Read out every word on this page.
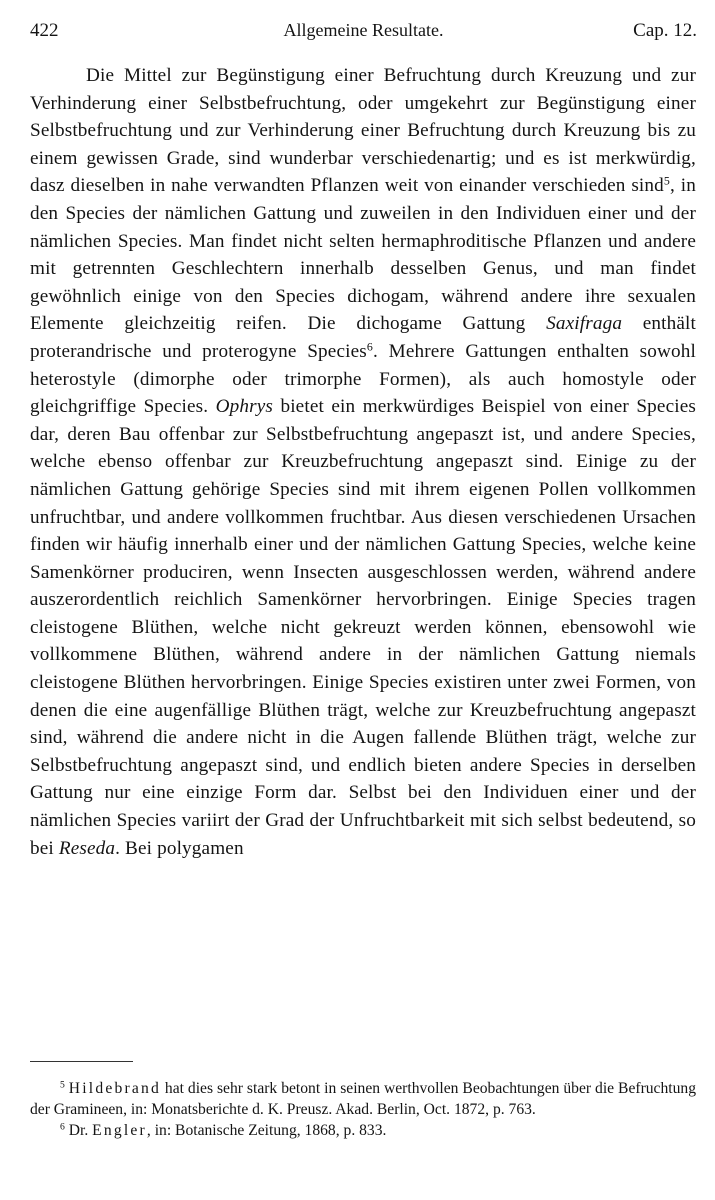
422	Allgemeine Resultate.	Cap. 12.

Die Mittel zur Begünstigung einer Befruchtung durch Kreuzung und zur Verhinderung einer Selbstbefruchtung, oder umgekehrt zur Begünstigung einer Selbstbefruchtung und zur Verhinderung einer Befruchtung durch Kreuzung bis zu einem gewissen Grade, sind wunderbar verschiedenartig; und es ist merkwürdig, dasz dieselben in nahe verwandten Pflanzen weit von einander verschieden sind$^5$, in den Species der nämlichen Gattung und zuweilen in den Individuen einer und der nämlichen Species. Man findet nicht selten hermaphroditische Pflanzen und andere mit getrennten Geschlechtern innerhalb desselben Genus, und man findet gewöhnlich einige von den Species dichogam, während andere ihre sexualen Elemente gleichzeitig reifen. Die dichogame Gattung Saxifraga enthält proterandrische und proterogyne Species$^6$. Mehrere Gattungen enthalten sowohl heterostyle (dimorphe oder trimorphe Formen), als auch homostyle oder gleichgriffige Species. Ophrys bietet ein merkwürdiges Beispiel von einer Species dar, deren Bau offenbar zur Selbstbefruchtung angepaszt ist, und andere Species, welche ebenso offenbar zur Kreuzbefruchtung angepaszt sind. Einige zu der nämlichen Gattung gehörige Species sind mit ihrem eigenen Pollen vollkommen unfruchtbar, und andere vollkommen fruchtbar. Aus diesen verschiedenen Ursachen finden wir häufig innerhalb einer und der nämlichen Gattung Species, welche keine Samenkörner produciren, wenn Insecten ausgeschlossen werden, während andere auszerordentlich reichlich Samenkörner hervorbringen. Einige Species tragen cleistogene Blüthen, welche nicht gekreuzt werden können, ebensowohl wie vollkommene Blüthen, während andere in der nämlichen Gattung niemals cleistogene Blüthen hervorbringen. Einige Species existiren unter zwei Formen, von denen die eine augenfällige Blüthen trägt, welche zur Kreuzbefruchtung angepaszt sind, während die andere nicht in die Augen fallende Blüthen trägt, welche zur Selbstbefruchtung angepaszt sind, und endlich bieten andere Species in derselben Gattung nur eine einzige Form dar. Selbst bei den Individuen einer und der nämlichen Species variirt der Grad der Unfruchtbarkeit mit sich selbst bedeutend, so bei Reseda. Bei polygamen

$^5$ Hildebrand hat dies sehr stark betont in seinen werthvollen Beobachtungen über die Befruchtung der Gramineen, in: Monatsberichte d. K. Preusz. Akad. Berlin, Oct. 1872, p. 763.

$^6$ Dr. Engler, in: Botanische Zeitung, 1868, p. 833.
